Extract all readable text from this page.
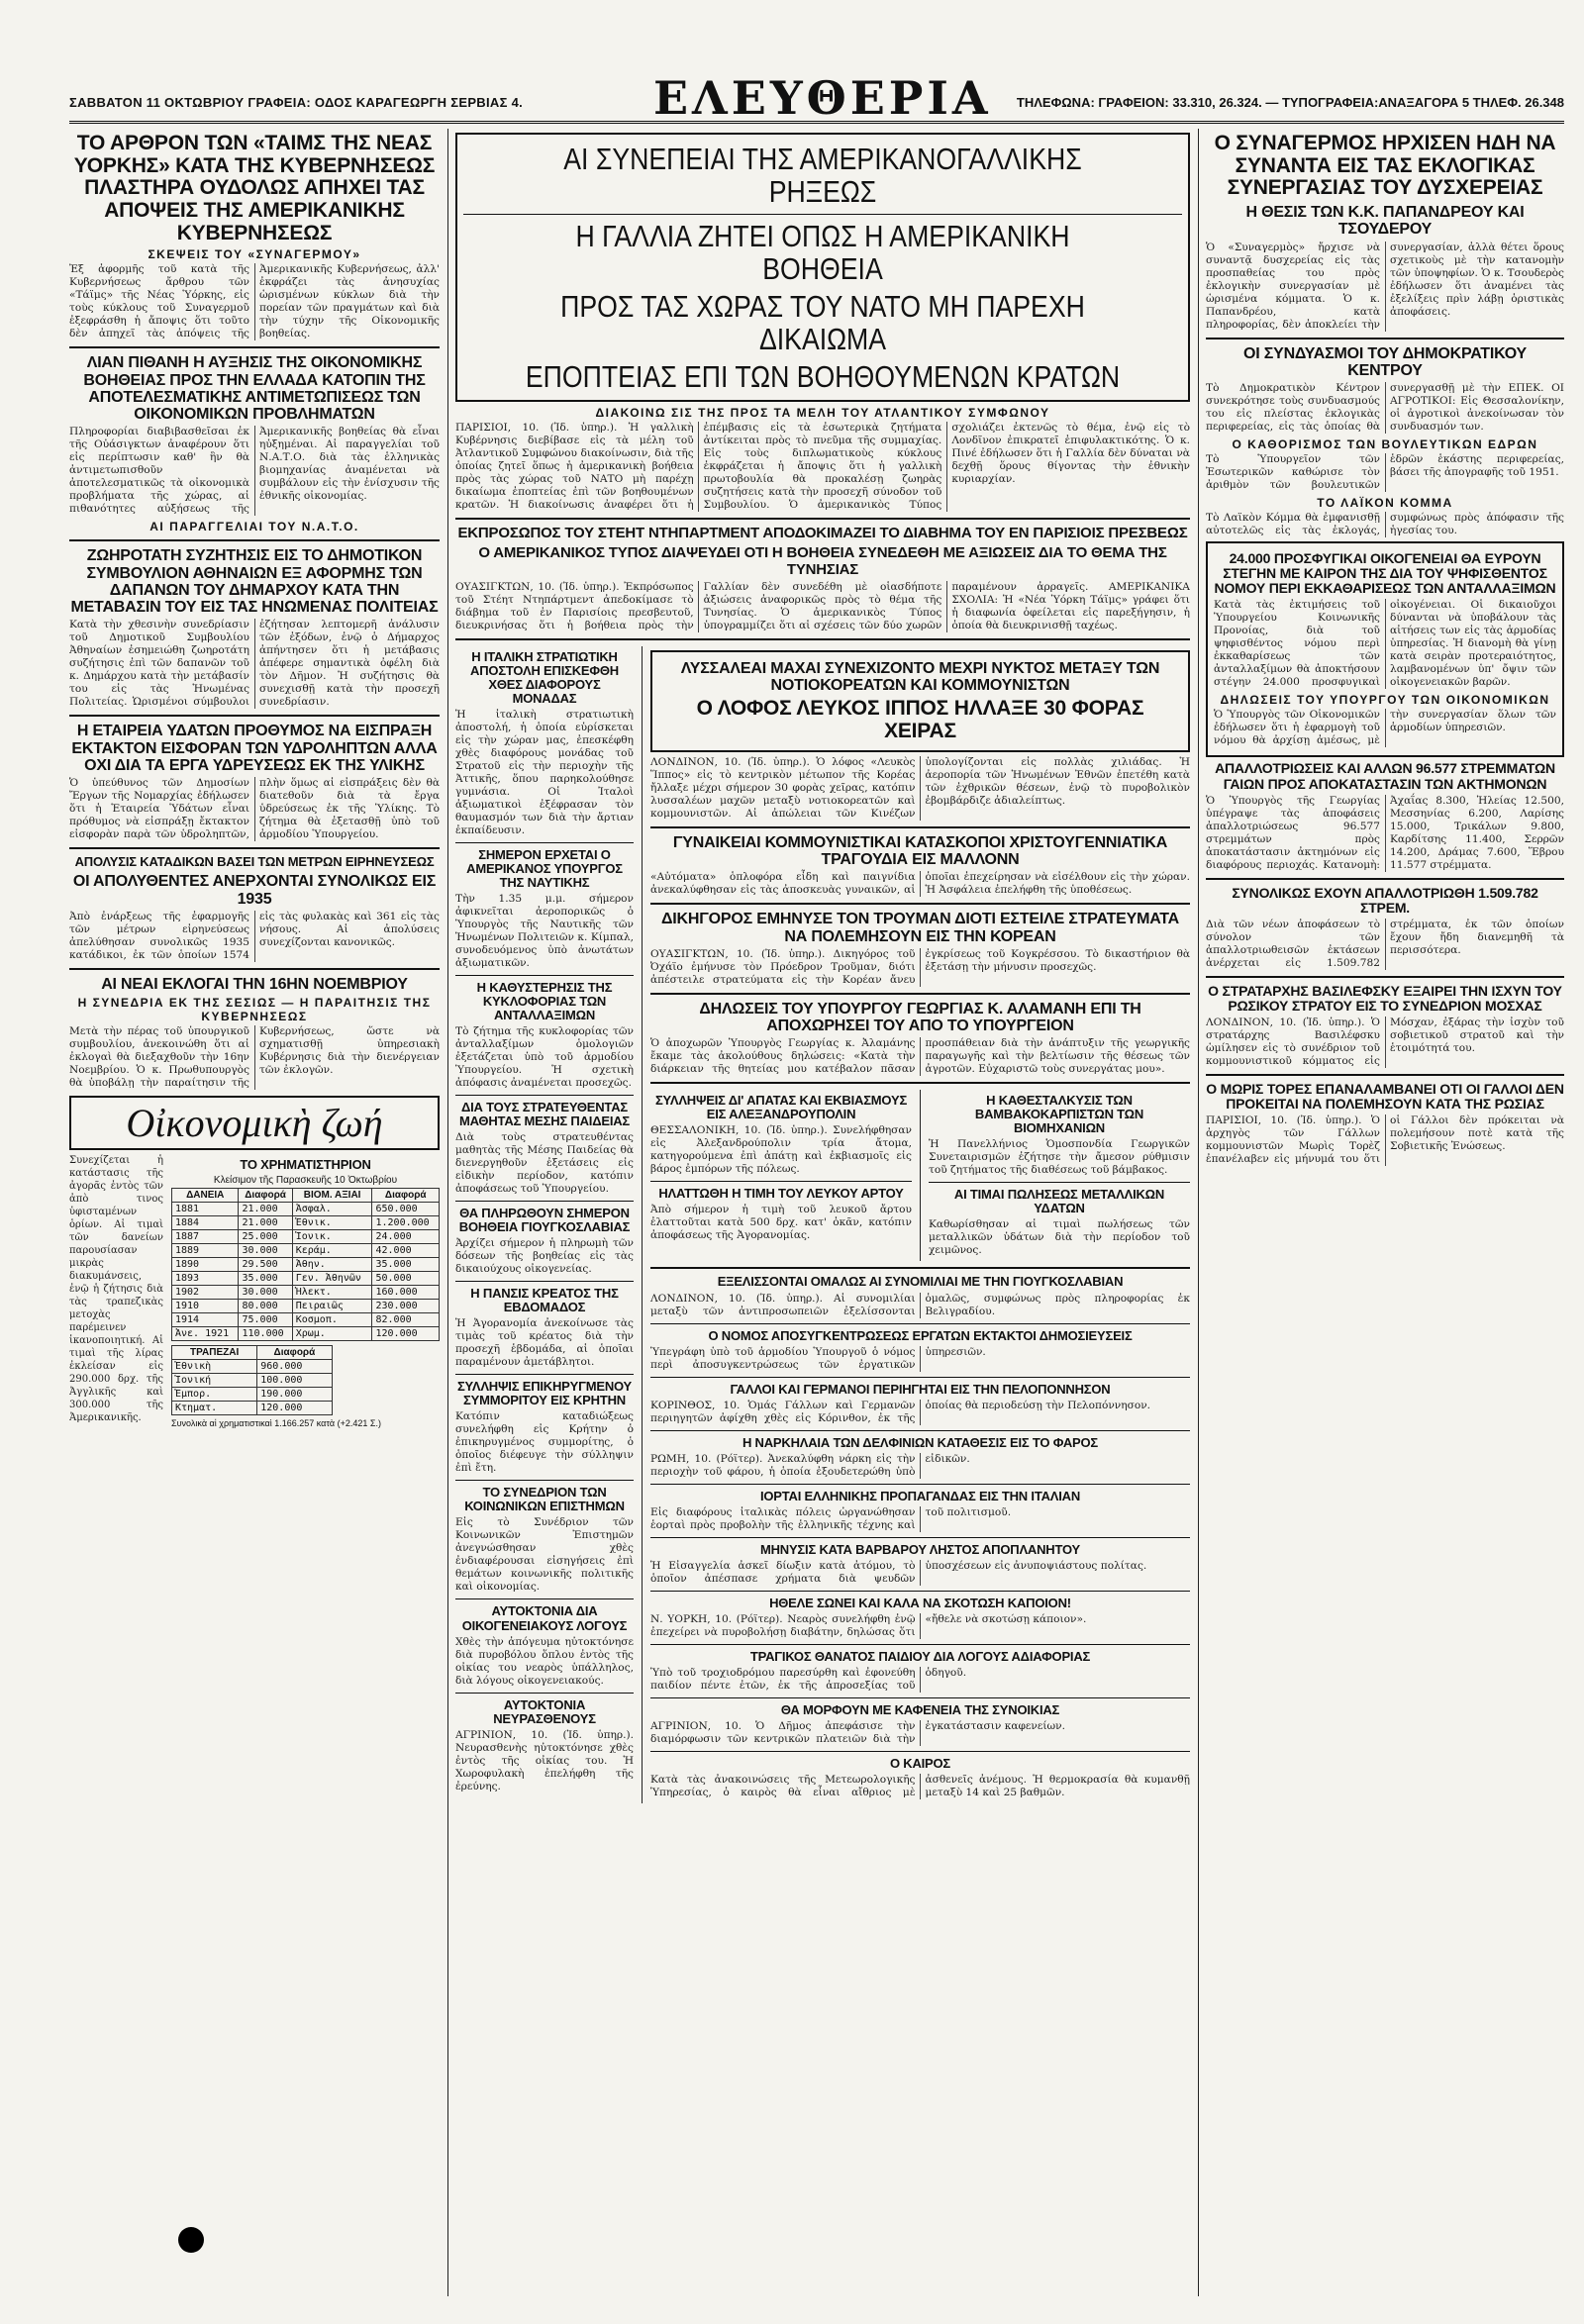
ΣΑΒΒΑΤΟΝ 11 ΟΚΤΩΒΡΙΟΥ ΓΡΑΦΕΙΑ: ΟΔΟΣ ΚΑΡΑΓΕΩΡΓΗ ΣΕΡΒΙΑΣ 4.	ΕΛΕΥΘΕΡΙΑ ΤΗΛΕΦΩΝΑ: ΓΡΑΦΕΙΟΝ: 33.310, 26.324. — ΤΥΠΟΓΡΑΦΕΙΑ:ΑΝΑΞΑΓΟΡΑ 5 ΤΗΛΕΦ. 26.348
ΤΟ ΑΡΘΡΟΝ ΤΩΝ «ΤΑΙΜΣ ΤΗΣ ΝΕΑΣ ΥΟΡΚΗΣ» ΚΑΤΑ ΤΗΣ ΚΥΒΕΡΝΗΣΕΩΣ ΠΛΑΣΤΗΡΑ ΟΥΔΟΛΩΣ ΑΠΗΧΕΙ ΤΑΣ ΑΠΟΨΕΙΣ ΤΗΣ ΑΜΕΡΙΚΑΝΙΚΗΣ ΚΥΒΕΡΝΗΣΕΩΣ
ΣΚΕΨΕΙΣ ΤΟΥ «ΣΥΝΑΓΕΡΜΟΥ»
Ἐξ ἀφορμῆς τοῦ κατὰ τῆς Κυβερνήσεως ἄρθρου τῶν «Τάϊμς» τῆς Νέας Ὑόρκης, εἰς τοὺς κύκλους τοῦ Συναγερμοῦ ἐξεφράσθη ἡ ἄποψις ὅτι τοῦτο δὲν ἀπηχεῖ τὰς ἀπόψεις τῆς Ἀμερικανικῆς Κυβερνήσεως, ἀλλ' ἐκφράζει τὰς ἀνησυχίας ὡρισμένων κύκλων διὰ τὴν πορείαν τῶν πραγμάτων καὶ διὰ τὴν τύχην τῆς Οἰκονομικῆς βοηθείας.
ΛΙΑΝ ΠΙΘΑΝΗ Η ΑΥΞΗΣΙΣ ΤΗΣ ΟΙΚΟΝΟΜΙΚΗΣ ΒΟΗΘΕΙΑΣ ΠΡΟΣ ΤΗΝ ΕΛΛΑΔΑ ΚΑΤΟΠΙΝ ΤΗΣ ΑΠΟΤΕΛΕΣΜΑΤΙΚΗΣ ΑΝΤΙΜΕΤΩΠΙΣΕΩΣ ΤΩΝ ΟΙΚΟΝΟΜΙΚΩΝ ΠΡΟΒΛΗΜΑΤΩΝ
Πληροφορίαι διαβιβασθεῖσαι ἐκ τῆς Οὐάσιγκτων ἀναφέρουν ὅτι εἰς περίπτωσιν καθ' ἣν θὰ ἀντιμετωπισθοῦν ἀποτελεσματικῶς τὰ οἰκονομικὰ προβλήματα τῆς χώρας, αἱ πιθανότητες αὐξήσεως τῆς Ἀμερικανικῆς βοηθείας θὰ εἶναι ηὐξημέναι. Αἱ παραγγελίαι τοῦ Ν.Α.Τ.Ο. διὰ τὰς ἑλληνικὰς βιομηχανίας ἀναμένεται νὰ συμβάλουν εἰς τὴν ἐνίσχυσιν τῆς ἐθνικῆς οἰκονομίας.
ΑΙ ΠΑΡΑΓΓΕΛΙΑΙ ΤΟΥ Ν.Α.Τ.Ο.
ΖΩΗΡΟΤΑΤΗ ΣΥΖΗΤΗΣΙΣ ΕΙΣ ΤΟ ΔΗΜΟΤΙΚΟΝ ΣΥΜΒΟΥΛΙΟΝ ΑΘΗΝΑΙΩΝ ΕΞ ΑΦΟΡΜΗΣ ΤΩΝ ΔΑΠΑΝΩΝ ΤΟΥ ΔΗΜΑΡΧΟΥ ΚΑΤΑ ΤΗΝ ΜΕΤΑΒΑΣΙΝ ΤΟΥ ΕΙΣ ΤΑΣ ΗΝΩΜΕΝΑΣ ΠΟΛΙΤΕΙΑΣ
Κατὰ τὴν χθεσινὴν συνεδρίασιν τοῦ Δημοτικοῦ Συμβουλίου Ἀθηναίων ἐσημειώθη ζωηροτάτη συζήτησις ἐπὶ τῶν δαπανῶν τοῦ κ. Δημάρχου κατὰ τὴν μετάβασίν του εἰς τὰς Ἡνωμένας Πολιτείας. Ὡρισμένοι σύμβουλοι ἐζήτησαν λεπτομερῆ ἀνάλυσιν τῶν ἐξόδων, ἐνῷ ὁ Δήμαρχος ἀπήντησεν ὅτι ἡ μετάβασις ἀπέφερε σημαντικὰ ὀφέλη διὰ τὸν Δῆμον. Ἡ συζήτησις θὰ συνεχισθῇ κατὰ τὴν προσεχῆ συνεδρίασιν.
Η ΕΤΑΙΡΕΙΑ ΥΔΑΤΩΝ ΠΡΟΘΥΜΟΣ ΝΑ ΕΙΣΠΡΑΞΗ ΕΚΤΑΚΤΟΝ ΕΙΣΦΟΡΑΝ ΤΩΝ ΥΔΡΟΛΗΠΤΩΝ ΑΛΛΑ ΟΧΙ ΔΙΑ ΤΑ ΕΡΓΑ ΥΔΡΕΥΣΕΩΣ ΕΚ ΤΗΣ ΥΛΙΚΗΣ
Ὁ ὑπεύθυνος τῶν Δημοσίων Ἔργων τῆς Νομαρχίας ἐδήλωσεν ὅτι ἡ Ἑταιρεία Ὑδάτων εἶναι πρόθυμος νὰ εἰσπράξῃ ἔκτακτον εἰσφορὰν παρὰ τῶν ὑδροληπτῶν, πλὴν ὅμως αἱ εἰσπράξεις δὲν θὰ διατεθοῦν διὰ τὰ ἔργα ὑδρεύσεως ἐκ τῆς Ὑλίκης. Τὸ ζήτημα θὰ ἐξετασθῇ ὑπὸ τοῦ ἁρμοδίου Ὑπουργείου.
ΑΠΟΛΥΣΙΣ ΚΑΤΑΔΙΚΩΝ ΒΑΣΕΙ ΤΩΝ ΜΕΤΡΩΝ ΕΙΡΗΝΕΥΣΕΩΣ
ΟΙ ΑΠΟΛΥΘΕΝΤΕΣ ΑΝΕΡΧΟΝΤΑΙ ΣΥΝΟΛΙΚΩΣ ΕΙΣ 1935
Ἀπὸ ἐνάρξεως τῆς ἐφαρμογῆς τῶν μέτρων εἰρηνεύσεως ἀπελύθησαν συνολικῶς 1935 κατάδικοι, ἐκ τῶν ὁποίων 1574 εἰς τὰς φυλακὰς καὶ 361 εἰς τὰς νήσους. Αἱ ἀπολύσεις συνεχίζονται κανονικῶς.
ΑΙ ΝΕΑΙ ΕΚΛΟΓΑΙ ΤΗΝ 16ΗΝ ΝΟΕΜΒΡΙΟΥ
Η ΣΥΝΕΔΡΙΑ ΕΚ ΤΗΣ ΣΕΣΙΩΣ — Η ΠΑΡΑΙΤΗΣΙΣ ΤΗΣ ΚΥΒΕΡΝΗΣΕΩΣ
Μετὰ τὴν πέρας τοῦ ὑπουργικοῦ συμβουλίου, ἀνεκοινώθη ὅτι αἱ ἐκλογαὶ θὰ διεξαχθοῦν τὴν 16ην Νοεμβρίου. Ὁ κ. Πρωθυπουργὸς θὰ ὑποβάλῃ τὴν παραίτησιν τῆς Κυβερνήσεως, ὥστε νὰ σχηματισθῇ ὑπηρεσιακὴ Κυβέρνησις διὰ τὴν διενέργειαν τῶν ἐκλογῶν.
Οἰκονομικὴ ζωή
Συνεχίζεται ἡ κατάστασις τῆς ἀγορᾶς ἐντὸς τῶν ἀπὸ τινος ὑφισταμένων ὁρίων. Αἱ τιμαὶ τῶν δανείων παρουσίασαν μικρὰς διακυμάνσεις, ἐνῷ ἡ ζήτησις διὰ τὰς τραπεζικὰς μετοχὰς παρέμεινεν ἱκανοποιητική. Αἱ τιμαὶ τῆς λίρας ἐκλείσαν εἰς 290.000 δρχ. τῆς Ἀγγλικῆς καὶ 300.000 τῆς Ἀμερικανικῆς.
ΤΟ ΧΡΗΜΑΤΙΣΤΗΡΙΟΝ
Κλείσιμον τῆς Παρασκευῆς 10 Ὀκτωβρίου
ΔΑΝΕΙΑ	Διαφορά	ΒΙΟΜ. ΑΞΙΑΙ	Διαφορά
1881	21.000	Ἀσφαλ.	650.000
1884	21.000	Ἐθνικ.	1.200.000
1887	25.000	Ἰονικ.	24.000
1889	30.000	Κεράμ.	42.000
1890	29.500	Ἀθην.	35.000
1893	35.000	Γεν. Ἀθηνῶν	50.000
1902	30.000	Ἠλεκτ.	160.000
1910	80.000	Πειραιῶς	230.000
1914	75.000	Κοσμοπ.	82.000
Ἀνε. 1921	110.000	Χρωμ.	120.000
ΤΡΑΠΕΖΑΙ	Διαφορά
Ἐθνικὴ	960.000
Ἰονική	100.000
Ἐμπορ.	190.000
Κτηματ.	120.000
Συνολικὰ αἱ χρηματιστικαὶ 1.166.257 κατὰ (+2.421 Σ.)
ΑΙ ΣΥΝΕΠΕΙΑΙ ΤΗΣ ΑΜΕΡΙΚΑΝΟΓΑΛΛΙΚΗΣ ΡΗΞΕΩΣ
Η ΓΑΛΛΙΑ ΖΗΤΕΙ ΟΠΩΣ Η ΑΜΕΡΙΚΑΝΙΚΗ ΒΟΗΘΕΙΑ
ΠΡΟΣ ΤΑΣ ΧΩΡΑΣ ΤΟΥ ΝΑΤΟ ΜΗ ΠΑΡΕΧΗ ΔΙΚΑΙΩΜΑ
ΕΠΟΠΤΕΙΑΣ ΕΠΙ ΤΩΝ ΒΟΗΘΟΥΜΕΝΩΝ ΚΡΑΤΩΝ
ΔΙΑΚΟΙΝΩ ΣΙΣ ΤΗΣ ΠΡΟΣ ΤΑ ΜΕΛΗ ΤΟΥ ΑΤΛΑΝΤΙΚΟΥ ΣΥΜΦΩΝΟΥ
ΠΑΡΙΣΙΟΙ, 10. (Ἰδ. ὑπηρ.). Ἡ γαλλικὴ Κυβέρνησις διεβίβασε εἰς τὰ μέλη τοῦ Ἀτλαντικοῦ Συμφώνου διακοίνωσιν, διὰ τῆς ὁποίας ζητεῖ ὅπως ἡ ἀμερικανικὴ βοήθεια πρὸς τὰς χώρας τοῦ ΝΑΤΟ μὴ παρέχῃ δικαίωμα ἐποπτείας ἐπὶ τῶν βοηθουμένων κρατῶν. Ἡ διακοίνωσις ἀναφέρει ὅτι ἡ ἐπέμβασις εἰς τὰ ἐσωτερικὰ ζητήματα ἀντίκειται πρὸς τὸ πνεῦμα τῆς συμμαχίας. Εἰς τοὺς διπλωματικοὺς κύκλους ἐκφράζεται ἡ ἄποψις ὅτι ἡ γαλλικὴ πρωτοβουλία θὰ προκαλέσῃ ζωηρὰς συζητήσεις κατὰ τὴν προσεχῆ σύνοδον τοῦ Συμβουλίου. Ὁ ἀμερικανικὸς Τύπος σχολιάζει ἐκτενῶς τὸ θέμα, ἐνῷ εἰς τὸ Λονδῖνον ἐπικρατεῖ ἐπιφυλακτικότης. Ὁ κ. Πινέ ἐδήλωσεν ὅτι ἡ Γαλλία δὲν δύναται νὰ δεχθῇ ὅρους θίγοντας τὴν ἐθνικὴν κυριαρχίαν.
ΕΚΠΡΟΣΩΠΟΣ ΤΟΥ ΣΤΕΗΤ ΝΤΗΠΑΡΤΜΕΝΤ ΑΠΟΔΟΚΙΜΑΖΕΙ ΤΟ ΔΙΑΒΗΜΑ ΤΟΥ ΕΝ ΠΑΡΙΣΙΟΙΣ ΠΡΕΣΒΕΩΣ
Ο ΑΜΕΡΙΚΑΝΙΚΟΣ ΤΥΠΟΣ ΔΙΑΨΕΥΔΕΙ ΟΤΙ Η ΒΟΗΘΕΙΑ ΣΥΝΕΔΕΘΗ ΜΕ ΑΞΙΩΣΕΙΣ ΔΙΑ ΤΟ ΘΕΜΑ ΤΗΣ ΤΥΝΗΣΙΑΣ
ΟΥΑΣΙΓΚΤΩΝ, 10. (Ἰδ. ὑπηρ.). Ἐκπρόσωπος τοῦ Στέητ Ντηπάρτμεντ ἀπεδοκίμασε τὸ διάβημα τοῦ ἐν Παρισίοις πρεσβευτοῦ, διευκρινήσας ὅτι ἡ βοήθεια πρὸς τὴν Γαλλίαν δὲν συνεδέθη μὲ οἱασδήποτε ἀξιώσεις ἀναφορικῶς πρὸς τὸ θέμα τῆς Τυνησίας. Ὁ ἀμερικανικὸς Τύπος ὑπογραμμίζει ὅτι αἱ σχέσεις τῶν δύο χωρῶν παραμένουν ἀρραγεῖς. ΑΜΕΡΙΚΑΝΙΚΑ ΣΧΟΛΙΑ: Ἡ «Νέα Ὑόρκη Τάϊμς» γράφει ὅτι ἡ διαφωνία ὀφείλεται εἰς παρεξήγησιν, ἡ ὁποία θὰ διευκρινισθῇ ταχέως.
Η ΙΤΑΛΙΚΗ ΣΤΡΑΤΙΩΤΙΚΗ ΑΠΟΣΤΟΛΗ ΕΠΙΣΚΕΦΘΗ ΧΘΕΣ ΔΙΑΦΟΡΟΥΣ ΜΟΝΑΔΑΣ
Ἡ ἰταλικὴ στρατιωτικὴ ἀποστολή, ἡ ὁποία εὑρίσκεται εἰς τὴν χώραν μας, ἐπεσκέφθη χθὲς διαφόρους μονάδας τοῦ Στρατοῦ εἰς τὴν περιοχὴν τῆς Ἀττικῆς, ὅπου παρηκολούθησε γυμνάσια. Οἱ Ἰταλοὶ ἀξιωματικοὶ ἐξέφρασαν τὸν θαυμασμόν των διὰ τὴν ἄρτιαν ἐκπαίδευσιν.
ΣΗΜΕΡΟΝ ΕΡΧΕΤΑΙ Ο ΑΜΕΡΙΚΑΝΟΣ ΥΠΟΥΡΓΟΣ ΤΗΣ ΝΑΥΤΙΚΗΣ
Τὴν 1.35 μ.μ. σήμερον ἀφικνεῖται ἀεροπορικῶς ὁ Ὑπουργὸς τῆς Ναυτικῆς τῶν Ἡνωμένων Πολιτειῶν κ. Κίμπαλ, συνοδευόμενος ὑπὸ ἀνωτάτων ἀξιωματικῶν.
Η ΚΑΘΥΣΤΕΡΗΣΙΣ ΤΗΣ ΚΥΚΛΟΦΟΡΙΑΣ ΤΩΝ ΑΝΤΑΛΛΑΞΙΜΩΝ
Τὸ ζήτημα τῆς κυκλοφορίας τῶν ἀνταλλαξίμων ὁμολογιῶν ἐξετάζεται ὑπὸ τοῦ ἁρμοδίου Ὑπουργείου. Ἡ σχετικὴ ἀπόφασις ἀναμένεται προσεχῶς.
ΔΙΑ ΤΟΥΣ ΣΤΡΑΤΕΥΘΕΝΤΑΣ ΜΑΘΗΤΑΣ ΜΕΣΗΣ ΠΑΙΔΕΙΑΣ
Διὰ τοὺς στρατευθέντας μαθητὰς τῆς Μέσης Παιδείας θὰ διενεργηθοῦν ἐξετάσεις εἰς εἰδικὴν περίοδον, κατόπιν ἀποφάσεως τοῦ Ὑπουργείου.
ΘΑ ΠΛΗΡΩΘΟΥΝ ΣΗΜΕΡΟΝ ΒΟΗΘΕΙΑ ΓΙΟΥΓΚΟΣΛΑΒΙΑΣ
Ἀρχίζει σήμερον ἡ πληρωμὴ τῶν δόσεων τῆς βοηθείας εἰς τὰς δικαιούχους οἰκογενείας.
Η ΠΑΝΣΙΣ ΚΡΕΑΤΟΣ ΤΗΣ ΕΒΔΟΜΑΔΟΣ
Ἡ Ἀγορανομία ἀνεκοίνωσε τὰς τιμὰς τοῦ κρέατος διὰ τὴν προσεχῆ ἑβδομάδα, αἱ ὁποῖαι παραμένουν ἀμετάβλητοι.
ΣΥΛΛΗΨΙΣ ΕΠΙΚΗΡΥΓΜΕΝΟΥ ΣΥΜΜΟΡΙΤΟΥ ΕΙΣ ΚΡΗΤΗΝ
Κατόπιν καταδιώξεως συνελήφθη εἰς Κρήτην ὁ ἐπικηρυγμένος συμμορίτης, ὁ ὁποῖος διέφευγε τὴν σύλληψιν ἐπὶ ἔτη.
ΤΟ ΣΥΝΕΔΡΙΟΝ ΤΩΝ ΚΟΙΝΩΝΙΚΩΝ ΕΠΙΣΤΗΜΩΝ
Εἰς τὸ Συνέδριον τῶν Κοινωνικῶν Ἐπιστημῶν ἀνεγνώσθησαν χθὲς ἐνδιαφέρουσαι εἰσηγήσεις ἐπὶ θεμάτων κοινωνικῆς πολιτικῆς καὶ οἰκονομίας.
ΑΥΤΟΚΤΟΝΙΑ ΔΙΑ ΟΙΚΟΓΕΝΕΙΑΚΟΥΣ ΛΟΓΟΥΣ
Χθὲς τὴν ἀπόγευμα ηὐτοκτόνησε διὰ πυροβόλου ὅπλου ἐντὸς τῆς οἰκίας του νεαρὸς ὑπάλληλος, διὰ λόγους οἰκογενειακούς.
ΑΥΤΟΚΤΟΝΙΑ ΝΕΥΡΑΣΘΕΝΟΥΣ
ΑΓΡΙΝΙΟΝ, 10. (Ἰδ. ὑπηρ.). Νευρασθενὴς ηὐτοκτόνησε χθὲς ἐντὸς τῆς οἰκίας του. Ἡ Χωροφυλακὴ ἐπελήφθη τῆς ἐρεύνης.
ΛΥΣΣΑΛΕΑΙ ΜΑΧΑΙ ΣΥΝΕΧΙΖΟΝΤΟ ΜΕΧΡΙ ΝΥΚΤΟΣ ΜΕΤΑΞΥ ΤΩΝ ΝΟΤΙΟΚΟΡΕΑΤΩΝ ΚΑΙ ΚΟΜΜΟΥΝΙΣΤΩΝ
Ο ΛΟΦΟΣ ΛΕΥΚΟΣ ΙΠΠΟΣ ΗΛΛΑΞΕ 30 ΦΟΡΑΣ ΧΕΙΡΑΣ
ΛΟΝΔΙΝΟΝ, 10. (Ἰδ. ὑπηρ.). Ὁ λόφος «Λευκὸς Ἵππος» εἰς τὸ κεντρικὸν μέτωπον τῆς Κορέας ἤλλαξε μέχρι σήμερον 30 φορὰς χεῖρας, κατόπιν λυσσαλέων μαχῶν μεταξὺ νοτιοκορεατῶν καὶ κομμουνιστῶν. Αἱ ἀπώλειαι τῶν Κινέζων ὑπολογίζονται εἰς πολλὰς χιλιάδας. Ἡ ἀεροπορία τῶν Ἡνωμένων Ἐθνῶν ἐπετέθη κατὰ τῶν ἐχθρικῶν θέσεων, ἐνῷ τὸ πυροβολικὸν ἐβομβάρδιζε ἀδιαλείπτως.
ΓΥΝΑΙΚΕΙΑΙ ΚΟΜΜΟΥΝΙΣΤΙΚΑΙ ΚΑΤΑΣΚΟΠΟΙ ΧΡΙΣΤΟΥΓΕΝΝΙΑΤΙΚΑ ΤΡΑΓΟΥΔΙΑ ΕΙΣ ΜΑΛΛΟΝΝ
«Αὐτόματα» ὁπλοφόρα εἶδη καὶ παιγνίδια ἀνεκαλύφθησαν εἰς τὰς ἀποσκευὰς γυναικῶν, αἱ ὁποῖαι ἐπεχείρησαν νὰ εἰσέλθουν εἰς τὴν χώραν. Ἡ Ἀσφάλεια ἐπελήφθη τῆς ὑποθέσεως.
ΔΙΚΗΓΟΡΟΣ ΕΜΗΝΥΣΕ ΤΟΝ ΤΡΟΥΜΑΝ ΔΙΟΤΙ ΕΣΤΕΙΛΕ ΣΤΡΑΤΕΥΜΑΤΑ ΝΑ ΠΟΛΕΜΗΣΟΥΝ ΕΙΣ ΤΗΝ ΚΟΡΕΑΝ
ΟΥΑΣΙΓΚΤΩΝ, 10. (Ἰδ. ὑπηρ.). Δικηγόρος τοῦ Ὀχάϊο ἐμήνυσε τὸν Πρόεδρον Τροῦμαν, διότι ἀπέστειλε στρατεύματα εἰς τὴν Κορέαν ἄνευ ἐγκρίσεως τοῦ Κογκρέσσου. Τὸ δικαστήριον θὰ ἐξετάσῃ τὴν μήνυσιν προσεχῶς.
ΔΗΛΩΣΕΙΣ ΤΟΥ ΥΠΟΥΡΓΟΥ ΓΕΩΡΓΙΑΣ Κ. ΑΛΑΜΑΝΗ ΕΠΙ ΤΗ ΑΠΟΧΩΡΗΣΕΙ ΤΟΥ ΑΠΟ ΤΟ ΥΠΟΥΡΓΕΙΟΝ
Ὁ ἀποχωρῶν Ὑπουργὸς Γεωργίας κ. Ἀλαμάνης ἔκαμε τὰς ἀκολούθους δηλώσεις: «Κατὰ τὴν διάρκειαν τῆς θητείας μου κατέβαλον πᾶσαν προσπάθειαν διὰ τὴν ἀνάπτυξιν τῆς γεωργικῆς παραγωγῆς καὶ τὴν βελτίωσιν τῆς θέσεως τῶν ἀγροτῶν. Εὐχαριστῶ τοὺς συνεργάτας μου».
ΣΥΛΛΗΨΕΙΣ ΔΙ' ΑΠΑΤΑΣ ΚΑΙ ΕΚΒΙΑΣΜΟΥΣ ΕΙΣ ΑΛΕΞΑΝΔΡΟΥΠΟΛΙΝ
ΘΕΣΣΑΛΟΝΙΚΗ, 10. (Ἰδ. ὑπηρ.). Συνελήφθησαν εἰς Ἀλεξανδρούπολιν τρία ἄτομα, κατηγορούμενα ἐπὶ ἀπάτῃ καὶ ἐκβιασμοῖς εἰς βάρος ἐμπόρων τῆς πόλεως.
ΗΛΑΤΤΩΘΗ Η ΤΙΜΗ ΤΟΥ ΛΕΥΚΟΥ ΑΡΤΟΥ
Ἀπὸ σήμερον ἡ τιμὴ τοῦ λευκοῦ ἄρτου ἐλαττοῦται κατὰ 500 δρχ. κατ' ὀκᾶν, κατόπιν ἀποφάσεως τῆς Ἀγορανομίας.
Η ΚΑΘΕΣΤΑΛΚΥΣΙΣ ΤΩΝ ΒΑΜΒΑΚΟΚΑΡΠΙΣΤΩΝ ΤΩΝ ΒΙΟΜΗΧΑΝΙΩΝ
Ἡ Πανελλήνιος Ὁμοσπονδία Γεωργικῶν Συνεταιρισμῶν ἐζήτησε τὴν ἄμεσον ρύθμισιν τοῦ ζητήματος τῆς διαθέσεως τοῦ βάμβακος.
ΑΙ ΤΙΜΑΙ ΠΩΛΗΣΕΩΣ ΜΕΤΑΛΛΙΚΩΝ ΥΔΑΤΩΝ
Καθωρίσθησαν αἱ τιμαὶ πωλήσεως τῶν μεταλλικῶν ὑδάτων διὰ τὴν περίοδον τοῦ χειμῶνος.
ΕΞΕΛΙΣΣΟΝΤΑΙ ΟΜΑΛΩΣ ΑΙ ΣΥΝΟΜΙΛΙΑΙ ΜΕ ΤΗΝ ΓΙΟΥΓΚΟΣΛΑΒΙΑΝ
ΛΟΝΔΙΝΟΝ, 10. (Ἰδ. ὑπηρ.). Αἱ συνομιλίαι μεταξὺ τῶν ἀντιπροσωπειῶν ἐξελίσσονται ὁμαλῶς, συμφώνως πρὸς πληροφορίας ἐκ Βελιγραδίου.
Ο ΝΟΜΟΣ ΑΠΟΣΥΓΚΕΝΤΡΩΣΕΩΣ ΕΡΓΑΤΩΝ ΕΚΤΑΚΤΟΙ ΔΗΜΟΣΙΕΥΣΕΙΣ
Ὑπεγράφη ὑπὸ τοῦ ἁρμοδίου Ὑπουργοῦ ὁ νόμος περὶ ἀποσυγκεντρώσεως τῶν ἐργατικῶν ὑπηρεσιῶν.
ΓΑΛΛΟΙ ΚΑΙ ΓΕΡΜΑΝΟΙ ΠΕΡΙΗΓΗΤΑΙ ΕΙΣ ΤΗΝ ΠΕΛΟΠΟΝΝΗΣΟΝ
ΚΟΡΙΝΘΟΣ, 10. Ὁμάς Γάλλων καὶ Γερμανῶν περιηγητῶν ἀφίχθη χθὲς εἰς Κόρινθον, ἐκ τῆς ὁποίας θὰ περιοδεύσῃ τὴν Πελοπόννησον.
Η ΝΑΡΚΗΛΑΙΑ ΤΩΝ ΔΕΛΦΙΝΙΩΝ ΚΑΤΑΘΕΣΙΣ ΕΙΣ ΤΟ ΦΑΡΟΣ
ΡΩΜΗ, 10. (Ρόϊτερ). Ἀνεκαλύφθη νάρκη εἰς τὴν περιοχὴν τοῦ φάρου, ἡ ὁποία ἐξουδετερώθη ὑπὸ εἰδικῶν.
ΙΟΡΤΑΙ ΕΛΛΗΝΙΚΗΣ ΠΡΟΠΑΓΑΝΔΑΣ ΕΙΣ ΤΗΝ ΙΤΑΛΙΑΝ
Εἰς διαφόρους ἰταλικὰς πόλεις ὠργανώθησαν ἑορταὶ πρὸς προβολὴν τῆς ἑλληνικῆς τέχνης καὶ τοῦ πολιτισμοῦ.
ΜΗΝΥΣΙΣ ΚΑΤΑ ΒΑΡΒΑΡΟΥ ΛΗΣΤΟΣ ΑΠΟΠΛΑΝΗΤΟΥ
Ἡ Εἰσαγγελία ἀσκεῖ δίωξιν κατὰ ἀτόμου, τὸ ὁποῖον ἀπέσπασε χρήματα διὰ ψευδῶν ὑποσχέσεων εἰς ἀνυποψιάστους πολίτας.
ΗΘΕΛΕ ΣΩΝΕΙ ΚΑΙ ΚΑΛΑ ΝΑ ΣΚΟΤΩΣΗ ΚΑΠΟΙΟΝ!
Ν. ΥΟΡΚΗ, 10. (Ρόϊτερ). Νεαρὸς συνελήφθη ἐνῷ ἐπεχείρει νὰ πυροβολήσῃ διαβάτην, δηλώσας ὅτι «ἤθελε νὰ σκοτώσῃ κάποιον».
ΤΡΑΓΙΚΟΣ ΘΑΝΑΤΟΣ ΠΑΙΔΙΟΥ ΔΙΑ ΛΟΓΟΥΣ ΑΔΙΑΦΟΡΙΑΣ
Ὑπὸ τοῦ τροχιοδρόμου παρεσύρθη καὶ ἐφονεύθη παιδίον πέντε ἐτῶν, ἐκ τῆς ἀπροσεξίας τοῦ ὁδηγοῦ.
ΘΑ ΜΟΡΦΟΥΝ ΜΕ ΚΑΦΕΝΕΙΑ ΤΗΣ ΣΥΝΟΙΚΙΑΣ
ΑΓΡΙΝΙΟΝ, 10. Ὁ Δῆμος ἀπεφάσισε τὴν διαμόρφωσιν τῶν κεντρικῶν πλατειῶν διὰ τὴν ἐγκατάστασιν καφενείων.
Ο ΚΑΙΡΟΣ
Κατὰ τὰς ἀνακοινώσεις τῆς Μετεωρολογικῆς Ὑπηρεσίας, ὁ καιρὸς θὰ εἶναι αἴθριος μὲ ἀσθενεῖς ἀνέμους. Ἡ θερμοκρασία θὰ κυμανθῇ μεταξὺ 14 καὶ 25 βαθμῶν.
Ο ΣΥΝΑΓΕΡΜΟΣ ΗΡΧΙΣΕΝ ΗΔΗ ΝΑ ΣΥΝΑΝΤΑ ΕΙΣ ΤΑΣ ΕΚΛΟΓΙΚΑΣ ΣΥΝΕΡΓΑΣΙΑΣ ΤΟΥ ΔΥΣΧΕΡΕΙΑΣ
Η ΘΕΣΙΣ ΤΩΝ Κ.Κ. ΠΑΠΑΝΔΡΕΟΥ ΚΑΙ ΤΣΟΥΔΕΡΟΥ
Ὁ «Συναγερμὸς» ἤρχισε νὰ συναντᾷ δυσχερείας εἰς τὰς προσπαθείας του πρὸς ἐκλογικὴν συνεργασίαν μὲ ὡρισμένα κόμματα. Ὁ κ. Παπανδρέου, κατὰ πληροφορίας, δὲν ἀποκλείει τὴν συνεργασίαν, ἀλλὰ θέτει ὅρους σχετικοὺς μὲ τὴν κατανομὴν τῶν ὑποψηφίων. Ὁ κ. Τσουδερὸς ἐδήλωσεν ὅτι ἀναμένει τὰς ἐξελίξεις πρὶν λάβῃ ὁριστικὰς ἀποφάσεις.
ΟΙ ΣΥΝΔΥΑΣΜΟΙ ΤΟΥ ΔΗΜΟΚΡΑΤΙΚΟΥ ΚΕΝΤΡΟΥ
Τὸ Δημοκρατικὸν Κέντρον συνεκρότησε τοὺς συνδυασμούς του εἰς πλείστας ἐκλογικὰς περιφερείας, εἰς τὰς ὁποίας θὰ συνεργασθῇ μὲ τὴν ΕΠΕΚ. ΟΙ ΑΓΡΟΤΙΚΟΙ: Εἰς Θεσσαλονίκην, οἱ ἀγροτικοὶ ἀνεκοίνωσαν τὸν συνδυασμόν των.
Ο ΚΑΘΟΡΙΣΜΟΣ ΤΩΝ ΒΟΥΛΕΥΤΙΚΩΝ ΕΔΡΩΝ
Τὸ Ὑπουργεῖον τῶν Ἐσωτερικῶν καθώρισε τὸν ἀριθμὸν τῶν βουλευτικῶν ἑδρῶν ἑκάστης περιφερείας, βάσει τῆς ἀπογραφῆς τοῦ 1951.
ΤΟ ΛΑΪΚΟΝ ΚΟΜΜΑ
Τὸ Λαϊκὸν Κόμμα θὰ ἐμφανισθῇ αὐτοτελῶς εἰς τὰς ἐκλογάς, συμφώνως πρὸς ἀπόφασιν τῆς ἡγεσίας του.
24.000 ΠΡΟΣΦΥΓΙΚΑΙ ΟΙΚΟΓΕΝΕΙΑΙ ΘΑ ΕΥΡΟΥΝ ΣΤΕΓΗΝ ΜΕ ΚΑΙΡΟΝ ΤΗΣ ΔΙΑ ΤΟΥ ΨΗΦΙΣΘΕΝΤΟΣ ΝΟΜΟΥ ΠΕΡΙ ΕΚΚΑΘΑΡΙΣΕΩΣ ΤΩΝ ΑΝΤΑΛΛΑΞΙΜΩΝ
Κατὰ τὰς ἐκτιμήσεις τοῦ Ὑπουργείου Κοινωνικῆς Προνοίας, διὰ τοῦ ψηφισθέντος νόμου περὶ ἐκκαθαρίσεως τῶν ἀνταλλαξίμων θὰ ἀποκτήσουν στέγην 24.000 προσφυγικαὶ οἰκογένειαι. Οἱ δικαιοῦχοι δύνανται νὰ ὑποβάλουν τὰς αἰτήσεις των εἰς τὰς ἁρμοδίας ὑπηρεσίας. Ἡ διανομὴ θὰ γίνῃ κατὰ σειρὰν προτεραιότητος, λαμβανομένων ὑπ' ὄψιν τῶν οἰκογενειακῶν βαρῶν.
ΔΗΛΩΣΕΙΣ ΤΟΥ ΥΠΟΥΡΓΟΥ ΤΩΝ ΟΙΚΟΝΟΜΙΚΩΝ
Ὁ Ὑπουργὸς τῶν Οἰκονομικῶν ἐδήλωσεν ὅτι ἡ ἐφαρμογὴ τοῦ νόμου θὰ ἀρχίσῃ ἀμέσως, μὲ τὴν συνεργασίαν ὅλων τῶν ἁρμοδίων ὑπηρεσιῶν.
ΑΠΑΛΛΟΤΡΙΩΣΕΙΣ ΚΑΙ ΑΛΛΩΝ 96.577 ΣΤΡΕΜΜΑΤΩΝ ΓΑΙΩΝ ΠΡΟΣ ΑΠΟΚΑΤΑΣΤΑΣΙΝ ΤΩΝ ΑΚΤΗΜΟΝΩΝ
Ὁ Ὑπουργὸς τῆς Γεωργίας ὑπέγραψε τὰς ἀποφάσεις ἀπαλλοτριώσεως 96.577 στρεμμάτων πρὸς ἀποκατάστασιν ἀκτημόνων εἰς διαφόρους περιοχάς. Κατανομὴ: Ἀχαΐας 8.300, Ἠλείας 12.500, Μεσσηνίας 6.200, Λαρίσης 15.000, Τρικάλων 9.800, Καρδίτσης 11.400, Σερρῶν 14.200, Δράμας 7.600, Ἕβρου 11.577 στρέμματα.
ΣΥΝΟΛΙΚΩΣ ΕΧΟΥΝ ΑΠΑΛΛΟΤΡΙΩΘΗ 1.509.782 ΣΤΡΕΜ.
Διὰ τῶν νέων ἀποφάσεων τὸ σύνολον τῶν ἀπαλλοτριωθεισῶν ἐκτάσεων ἀνέρχεται εἰς 1.509.782 στρέμματα, ἐκ τῶν ὁποίων ἔχουν ἤδη διανεμηθῆ τὰ περισσότερα.
Ο ΣΤΡΑΤΑΡΧΗΣ ΒΑΣΙΛΕΦΣΚΥ ΕΞΑΙΡΕΙ ΤΗΝ ΙΣΧΥΝ ΤΟΥ ΡΩΣΙΚΟΥ ΣΤΡΑΤΟΥ ΕΙΣ ΤΟ ΣΥΝΕΔΡΙΟΝ ΜΟΣΧΑΣ
ΛΟΝΔΙΝΟΝ, 10. (Ἰδ. ὑπηρ.). Ὁ στρατάρχης Βασιλέφσκυ ὡμίλησεν εἰς τὸ συνέδριον τοῦ κομμουνιστικοῦ κόμματος εἰς Μόσχαν, ἐξάρας τὴν ἰσχὺν τοῦ σοβιετικοῦ στρατοῦ καὶ τὴν ἑτοιμότητά του.
Ο ΜΩΡΙΣ ΤΟΡΕΣ ΕΠΑΝΑΛΑΜΒΑΝΕΙ ΟΤΙ ΟΙ ΓΑΛΛΟΙ ΔΕΝ ΠΡΟΚΕΙΤΑΙ ΝΑ ΠΟΛΕΜΗΣΟΥΝ ΚΑΤΑ ΤΗΣ ΡΩΣΙΑΣ
ΠΑΡΙΣΙΟΙ, 10. (Ἰδ. ὑπηρ.). Ὁ ἀρχηγὸς τῶν Γάλλων κομμουνιστῶν Μωρὶς Τορὲζ ἐπανέλαβεν εἰς μήνυμά του ὅτι οἱ Γάλλοι δὲν πρόκειται νὰ πολεμήσουν ποτὲ κατὰ τῆς Σοβιετικῆς Ἑνώσεως.
